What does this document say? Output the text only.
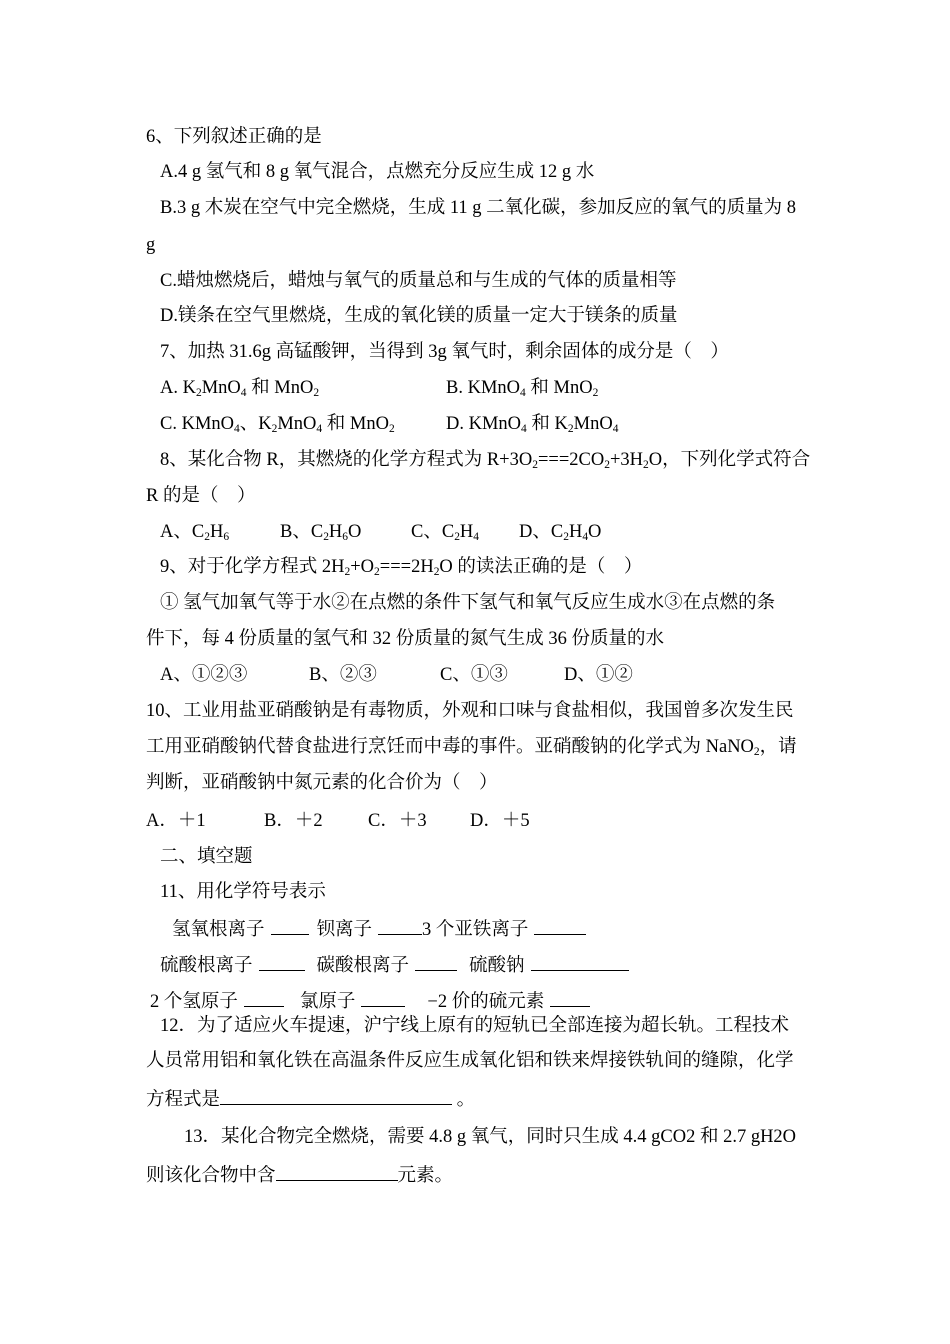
6、下列叙述正确的是
A.4 g 氢气和 8 g 氧气混合，点燃充分反应生成 12 g 水
B.3 g 木炭在空气中完全燃烧，生成 11 g 二氧化碳，参加反应的氧气的质量为 8
g
C.蜡烛燃烧后，蜡烛与氧气的质量总和与生成的气体的质量相等
D.镁条在空气里燃烧，生成的氧化镁的质量一定大于镁条的质量
7、加热 31.6g 高锰酸钾，当得到 3g 氧气时，剩余固体的成分是（　）
A. $K_2MnO_4$ 和 MnO$_2$	B. KMnO$_4$ 和 MnO$_2$
C. KMnO$_4$、$K_2MnO_4$ 和 MnO$_2$	D. KMnO$_4$ 和 $K_2MnO_4$
8、某化合物 R，其燃烧的化学方程式为 $R+3O_2===2CO_2+3H_2O$，下列化学式符合
R 的是（　）
A、$C_2H_6$	B、$C_2H_6O$	C、$C_2H_4$ D、$C_2H_4O$
9、对于化学方程式 $2H_2+O_2===2H_2O$ 的读法正确的是（　）
① 氢气加氧气等于水②在点燃的条件下氢气和氧气反应生成水③在点燃的条
件下，每 4 份质量的氢气和 32 份质量的氮气生成 36 份质量的水
A、①②③	B、②③	C、①③	D、①②
10、工业用盐亚硝酸钠是有毒物质，外观和口味与食盐相似，我国曾多次发生民
工用亚硝酸钠代替食盐进行烹饪而中毒的事件。亚硝酸钠的化学式为 NaNO$_2$，请
判断，亚硝酸钠中氮元素的化合价为（　）
A．＋1	B．＋2 C．＋3 D．＋5
二、填空题
11、用化学符号表示
氢氧根离子	钡离子	3 个亚铁离子
硫酸根离子	碳酸根离子	硫酸钠
2 个氢原子	氯原子	−2 价的硫元素
12．为了适应火车提速，沪宁线上原有的短轨已全部连接为超长轨。工程技术
人员常用铝和氧化铁在高温条件反应生成氧化铝和铁来焊接铁轨间的缝隙，化学
方程式是	。
13．某化合物完全燃烧，需要 4.8 g 氧气，同时只生成 4.4 gCO2 和 2.7 gH2O
则该化合物中含	元素。
